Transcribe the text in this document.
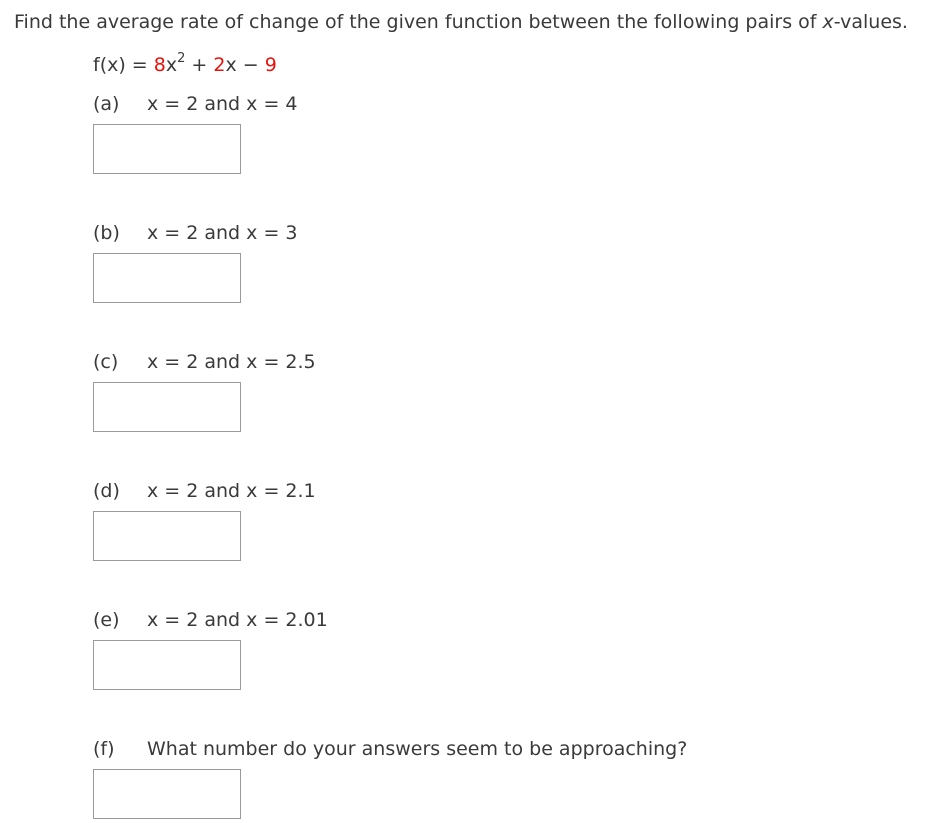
Find the average rate of change of the given function between the following pairs of x-values.
$f(x) = 8x^2 + 2x - 9$
(a) x = 2 and x = 4
(b) x = 2 and x = 3
(c) x = 2 and x = 2.5
(d) x = 2 and x = 2.1
(e) x = 2 and x = 2.01
(f) What number do your answers seem to be approaching?
